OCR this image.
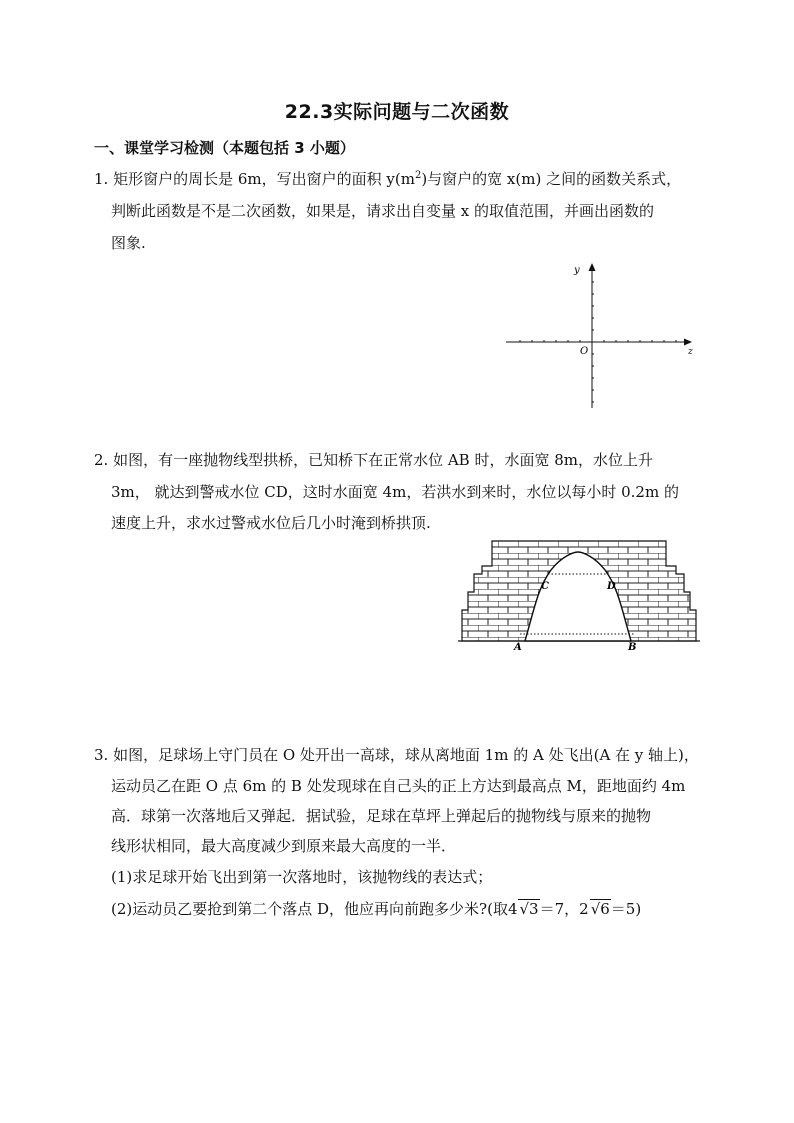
22.3实际问题与二次函数
一、课堂学习检测（本题包括 3 小题）
1. 矩形窗户的周长是 6m，写出窗户的面积 $y(m^2)$与窗户的宽 x(m) 之间的函数关系式，
判断此函数是不是二次函数，如果是，请求出自变量 x 的取值范围，并画出函数的
图象.
y
z
O
2. 如图，有一座抛物线型拱桥，已知桥下在正常水位 AB 时，水面宽 8m，水位上升
3m， 就达到警戒水位 CD，这时水面宽 4m，若洪水到来时，水位以每小时 0.2m 的
速度上升，求水过警戒水位后几小时淹到桥拱顶.
C	D
A	B
3. 如图，足球场上守门员在 O 处开出一高球，球从离地面 1m 的 A 处飞出(A 在 y 轴上)，
运动员乙在距 O 点 6m 的 B 处发现球在自己头的正上方达到最高点 M，距地面约 4m
高．球第一次落地后又弹起．据试验，足球在草坪上弹起后的抛物线与原来的抛物
线形状相同，最大高度减少到原来最大高度的一半．
(1)求足球开始飞出到第一次落地时，该抛物线的表达式；
(2)运动员乙要抢到第二个落点 D，他应再向前跑多少米?(取4 √3＝7，2 √6＝5)
